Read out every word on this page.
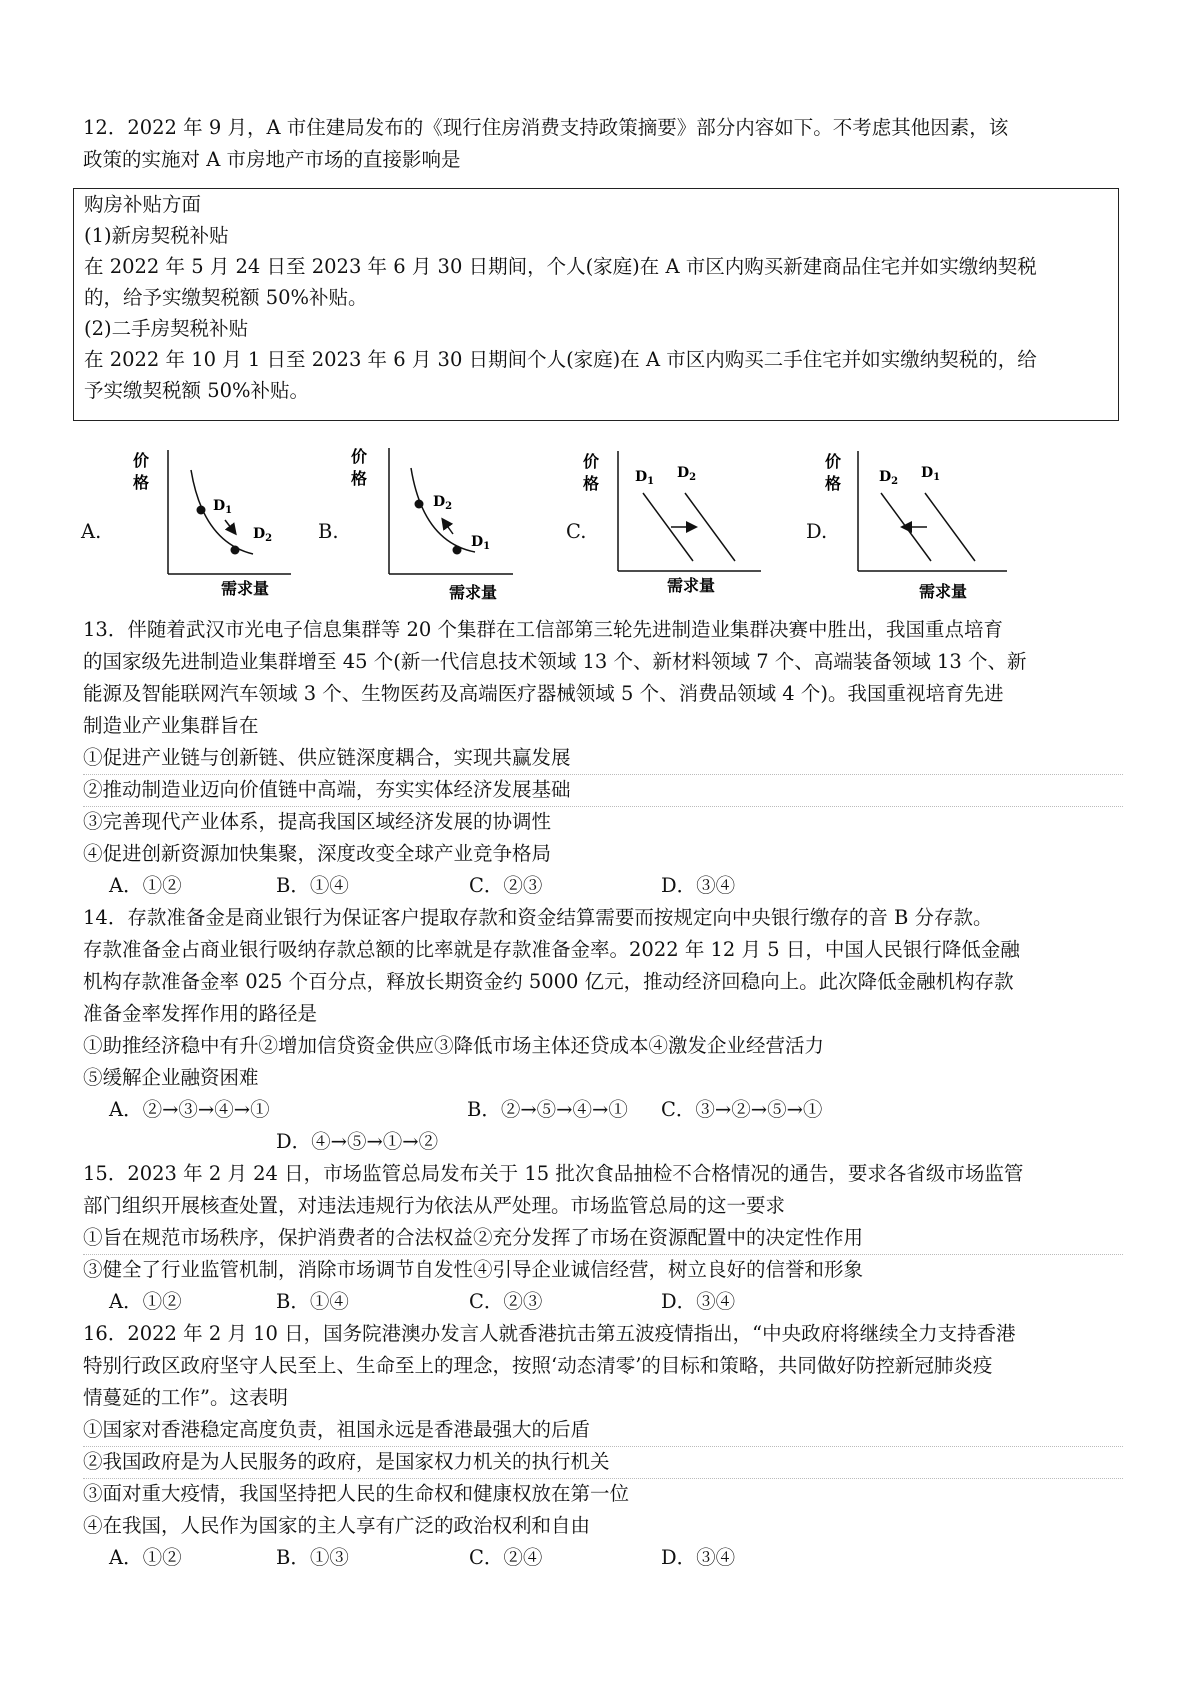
12．2022 年 9 月，A 市住建局发布的《现行住房消费支持政策摘要》部分内容如下。不考虑其他因素，该
政策的实施对 A 市房地产市场的直接影响是
购房补贴方面
(1)新房契税补贴
在 2022 年 5 月 24 日至 2023 年 6 月 30 日期间，个人(家庭)在 A 市区内购买新建商品住宅并如实缴纳契税
的，给予实缴契税额 50%补贴。
(2)二手房契税补贴
在 2022 年 10 月 1 日至 2023 年 6 月 30 日期间个人(家庭)在 A 市区内购买二手住宅并如实缴纳契税的，给
予实缴契税额 50%补贴。
A.	B.	C.	D.
价格
$D_1$
$D_2$
需求量
价格
$D_2$
$D_1$
需求量
价格	$D_1$
$D_2$
需求量
价格	$D_2$
$D_1$
需求量
13．伴随着武汉市光电子信息集群等 20 个集群在工信部第三轮先进制造业集群决赛中胜出，我国重点培育
的国家级先进制造业集群增至 45 个(新一代信息技术领域 13 个、新材料领域 7 个、高端装备领域 13 个、新
能源及智能联网汽车领域 3 个、生物医药及高端医疗器械领域 5 个、消费品领域 4 个)。我国重视培育先进
制造业产业集群旨在
①促进产业链与创新链、供应链深度耦合，实现共赢发展
②推动制造业迈向价值链中高端，夯实实体经济发展基础
③完善现代产业体系，提高我国区域经济发展的协调性
④促进创新资源加快集聚，深度改变全球产业竞争格局
A．①②	B．①④	C．②③	D．③④
14．存款准备金是商业银行为保证客户提取存款和资金结算需要而按规定向中央银行缴存的音 B 分存款。
存款准备金占商业银行吸纳存款总额的比率就是存款准备金率。2022 年 12 月 5 日，中国人民银行降低金融
机构存款准备金率 025 个百分点，释放长期资金约 5000 亿元，推动经济回稳向上。此次降低金融机构存款
准备金率发挥作用的路径是
①助推经济稳中有升②增加信贷资金供应③降低市场主体还贷成本④激发企业经营活力
⑤缓解企业融资困难
A．②→③→④→①	B．②→⑤→④→① C．③→②→⑤→①
D．④→⑤→①→②
15．2023 年 2 月 24 日，市场监管总局发布关于 15 批次食品抽检不合格情况的通告，要求各省级市场监管
部门组织开展核查处置，对违法违规行为依法从严处理。市场监管总局的这一要求
①旨在规范市场秩序，保护消费者的合法权益②充分发挥了市场在资源配置中的决定性作用
③健全了行业监管机制，消除市场调节自发性④引导企业诚信经营，树立良好的信誉和形象
A．①②	B．①④	C．②③	D．③④
16．2022 年 2 月 10 日，国务院港澳办发言人就香港抗击第五波疫情指出，“中央政府将继续全力支持香港
特别行政区政府坚守人民至上、生命至上的理念，按照‘动态清零’的目标和策略，共同做好防控新冠肺炎疫
情蔓延的工作”。这表明
①国家对香港稳定高度负责，祖国永远是香港最强大的后盾
②我国政府是为人民服务的政府，是国家权力机关的执行机关
③面对重大疫情，我国坚持把人民的生命权和健康权放在第一位
④在我国，人民作为国家的主人享有广泛的政治权利和自由
A．①②	B．①③	C．②④	D．③④
